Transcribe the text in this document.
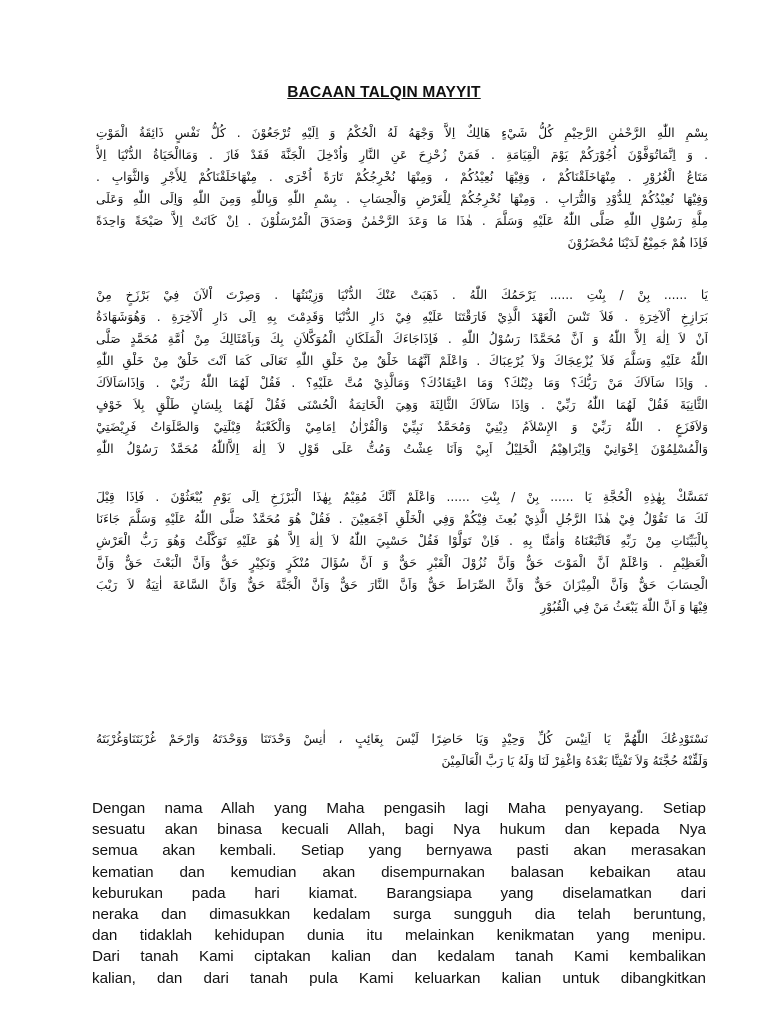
BACAAN TALQIN MAYYIT
بِسْمِ اللّٰهِ الرَّحْمٰنِ الرَّحِيْمِ كُلُّ شَيْءٍ هَالِكٌ اِلاَّ وَجْهَهُ لَهُ الْحُكْمُ وَ اِلَيْهِ تُرْجَعُوْنَ . كُلُّ نَفْسٍ ذَائِقَةُ الْمَوْتِ
. وَ اِنَّمَاتُوَفَّوْنَ اُجُوْرَكُمْ يَوْمَ الْقِيَامَةِ . فَمَنْ زُحْزِحَ عَنِ النَّارِ وَاُدْخِلَ الْجَنَّةَ فَقَدْ فَازَ . وَمَاالْحَيَاةُ الدُّنْيَا اِلاَّ
مَتَاعُ الْغُرُوْرِ . مِنْهَاخَلَقْنَاكُمْ ، وَفِيْهَا نُعِيْدُكُمْ ، وَمِنْهَا نُخْرِجُكُمْ تَارَةً اُخْرَى . مِنْهَاخَلَقْنَاكُمْ لِلأَجْرِ وَالثَّوَابِ .
وَفِيْهَا نُعِيْدُكُمْ لِلدُّوْدِ وَالتُّرَابِ . وَمِنْهَا نُخْرِجُكُمْ لِلْعَرْضِ وَالْحِسَابِ . بِسْمِ اللّٰهِ وَبِاللّٰهِ وَمِنَ اللّٰهِ وَاِلَى اللّٰهِ وَعَلَى
مِلَّةِ رَسُوْلِ اللّٰهِ صَلَّى اللّٰهُ عَلَيْهِ وَسَلَّمَ . هٰذَا مَا وَعَدَ الرَّحْمٰنُ وَصَدَقَ الْمُرْسَلُوْنَ . اِنْ كَانَتْ اِلاَّ صَيْحَةً وَاحِدَةً
فَاِذَا هُمْ جَمِيْعٌ لَدَيْنَا مُحْضَرُوْنَ
يَا ...... بِنْ / بِنْتِ ...... يَرْحَمُكَ اللّٰهُ . ذَهَبَتْ عَنْكَ الدُّنْيَا وَزِيْنَتُهَا . وَصِرْتَ اْلآنَ فِيْ بَرْزَخٍ مِنْ
بَرَازِخِ اْلآخِرَةِ . فَلاَ تَنْسَ الْعَهْدَ الَّذِيْ فَارَقْتَنَا عَلَيْهِ فِيْ دَارِ الدُّنْيَا وَقَدِمْتَ بِهِ اِلَى دَارِ اْلآخِرَةِ . وَهُوَشَهَادَةُ
اَنْ لاَ اِلٰهَ اِلاَّ اللّٰهُ وَ اَنَّ مُحَمَّدًا رَسُوْلُ اللّٰهِ . فَاِذَاجَاءَكَ الْمَلَكَانِ الْمُوَكَّلاَنِ بِكَ وَبِاَمْثَالِكَ مِنْ اُمَّةِ مُحَمَّدٍ صَلَّى
اللّٰهُ عَلَيْهِ وَسَلَّمَ فَلاَ يُزْعِجَاكَ وَلاَ يُرْعِبَاكَ . وَاعْلَمْ اَنَّهُمَا خَلْقٌ مِنْ خَلْقِ اللّٰهِ تَعَالَى كَمَا اَنْتَ خَلْقٌ مِنْ خَلْقِ اللّٰهِ
. وَاِذَا سَاَلاَكَ مَنْ رَبُّكَ؟ وَمَا دِيْنُكَ؟ وَمَا اعْتِقَادُكَ؟ وَمَالَّذِيْ مُتَّ عَلَيْهِ؟ . فَقُلْ لَهُمَا اللّٰهُ رَبِّيْ . وَاِذَاسَاَلاَكَ
الثَّانِيَةَ فَقُلْ لَهُمَا اللّٰهُ رَبِّيْ . وَاِذَا سَاَلاَكَ الثَّالِثَةَ وَهِيَ الْخَاتِمَةُ الْحُسْنَى فَقُلْ لَهُمَا بِلِسَانٍ طَلْقٍ بِلاَ خَوْفٍ
وَلاَفَزَعٍ . اللّٰهُ رَبِّيْ وَ الإِسْلاَمُ دِيْنِيْ وَمُحَمَّدٌ نَبِيِّيْ وَالْقُرْاٰنُ اِمَامِيْ وَالْكَعْبَةُ قِبْلَتِيْ وَالصَّلَوَاتُ فَرِيْضَتِيْ
وَالْمُسْلِمُوْنَ اِخْوَانِيْ وَاِبْرَاهِيْمُ الْخَلِيْلُ اَبِيْ وَاَنَا عِشْتُ وَمُتُّ عَلَى قَوْلِ لاَ اِلٰهَ اِلاَّاللّٰهُ مُحَمَّدٌ رَسُوْلُ اللّٰهِ
تَمَسَّكْ بِهٰذِهِ الْحُجَّةِ يَا ...... بِنْ / بِنْتِ ...... وَاعْلَمْ اَنَّكَ مُقِيْمٌ بِهٰذَا الْبَرْزَخِ اِلَى يَوْمِ يُبْعَثُوْنَ . فَاِذَا قِيْلَ
لَكَ مَا تَقُوْلُ فِيْ هٰذَا الرَّجُلِ الَّذِيْ بُعِثَ فِيْكُمْ وَفِي الْخَلْقِ اَجْمَعِيْنَ . فَقُلْ هُوَ مُحَمَّدٌ صَلَّى اللّٰهُ عَلَيْهِ وَسَلَّمَ جَاءَنَا
بِالْبَيِّنَاتِ مِنْ رَبِّهِ فَاتَّبَعْنَاهُ وَاٰمَنَّا بِهِ . فَاِنْ تَوَلَّوْا فَقُلْ حَسْبِيَ اللّٰهُ لاَ اِلٰهَ اِلاَّ هُوَ عَلَيْهِ تَوَكَّلْتُ وَهُوَ رَبُّ الْعَرْشِ
الْعَظِيْمِ . وَاعْلَمْ اَنَّ الْمَوْتَ حَقٌّ وَاَنَّ نُزُوْلَ الْقَبْرِ حَقٌّ وَ اَنَّ سُؤَالَ مُنْكَرٍ وَنَكِيْرٍ حَقٌّ وَاَنَّ الْبَعْثَ حَقٌّ وَاَنَّ
الْحِسَابَ حَقٌّ وَاَنَّ الْمِيْزَانَ حَقٌّ وَاَنَّ الصِّرَاطَ حَقٌّ وَاَنَّ النَّارَ حَقٌّ وَاَنَّ الْجَنَّةَ حَقٌّ وَاَنَّ السَّاعَةَ اٰتِيَةٌ لاَ رَيْبَ
فِيْهَا وَ اَنَّ اللّٰهَ يَبْعَثُ مَنْ فِي الْقُبُوْرِ
نَسْتَوْدِعُكَ اللّٰهُمَّ يَا اَنِيْسَ كُلِّ وَحِيْدٍ وَيَا حَاضِرًا لَيْسَ بِغَائِبٍ ، اٰنِسْ وَحْدَتَنَا وَوَحْدَتَهُ وَارْحَمْ غُرْبَتَنَاوَغُرْبَتَهُ
وَلَقِّنْهُ حُجَّتَهُ وَلاَ تَفْتِنَّا بَعْدَهُ وَاغْفِرْ لَنَا وَلَهُ يَا رَبَّ الْعَالَمِيْنَ
Dengan nama Allah yang Maha pengasih lagi Maha penyayang. Setiap
sesuatu akan binasa kecuali Allah, bagi Nya hukum dan kepada Nya
semua akan kembali. Setiap yang bernyawa pasti akan merasakan
kematian dan kemudian akan disempurnakan balasan kebaikan atau
keburukan pada hari kiamat. Barangsiapa yang diselamatkan dari
neraka dan dimasukkan kedalam surga sungguh dia telah beruntung,
dan tidaklah kehidupan dunia itu melainkan kenikmatan yang menipu.
Dari tanah Kami ciptakan kalian dan kedalam tanah Kami kembalikan
kalian, dan dari tanah pula Kami keluarkan kalian untuk dibangkitkan
